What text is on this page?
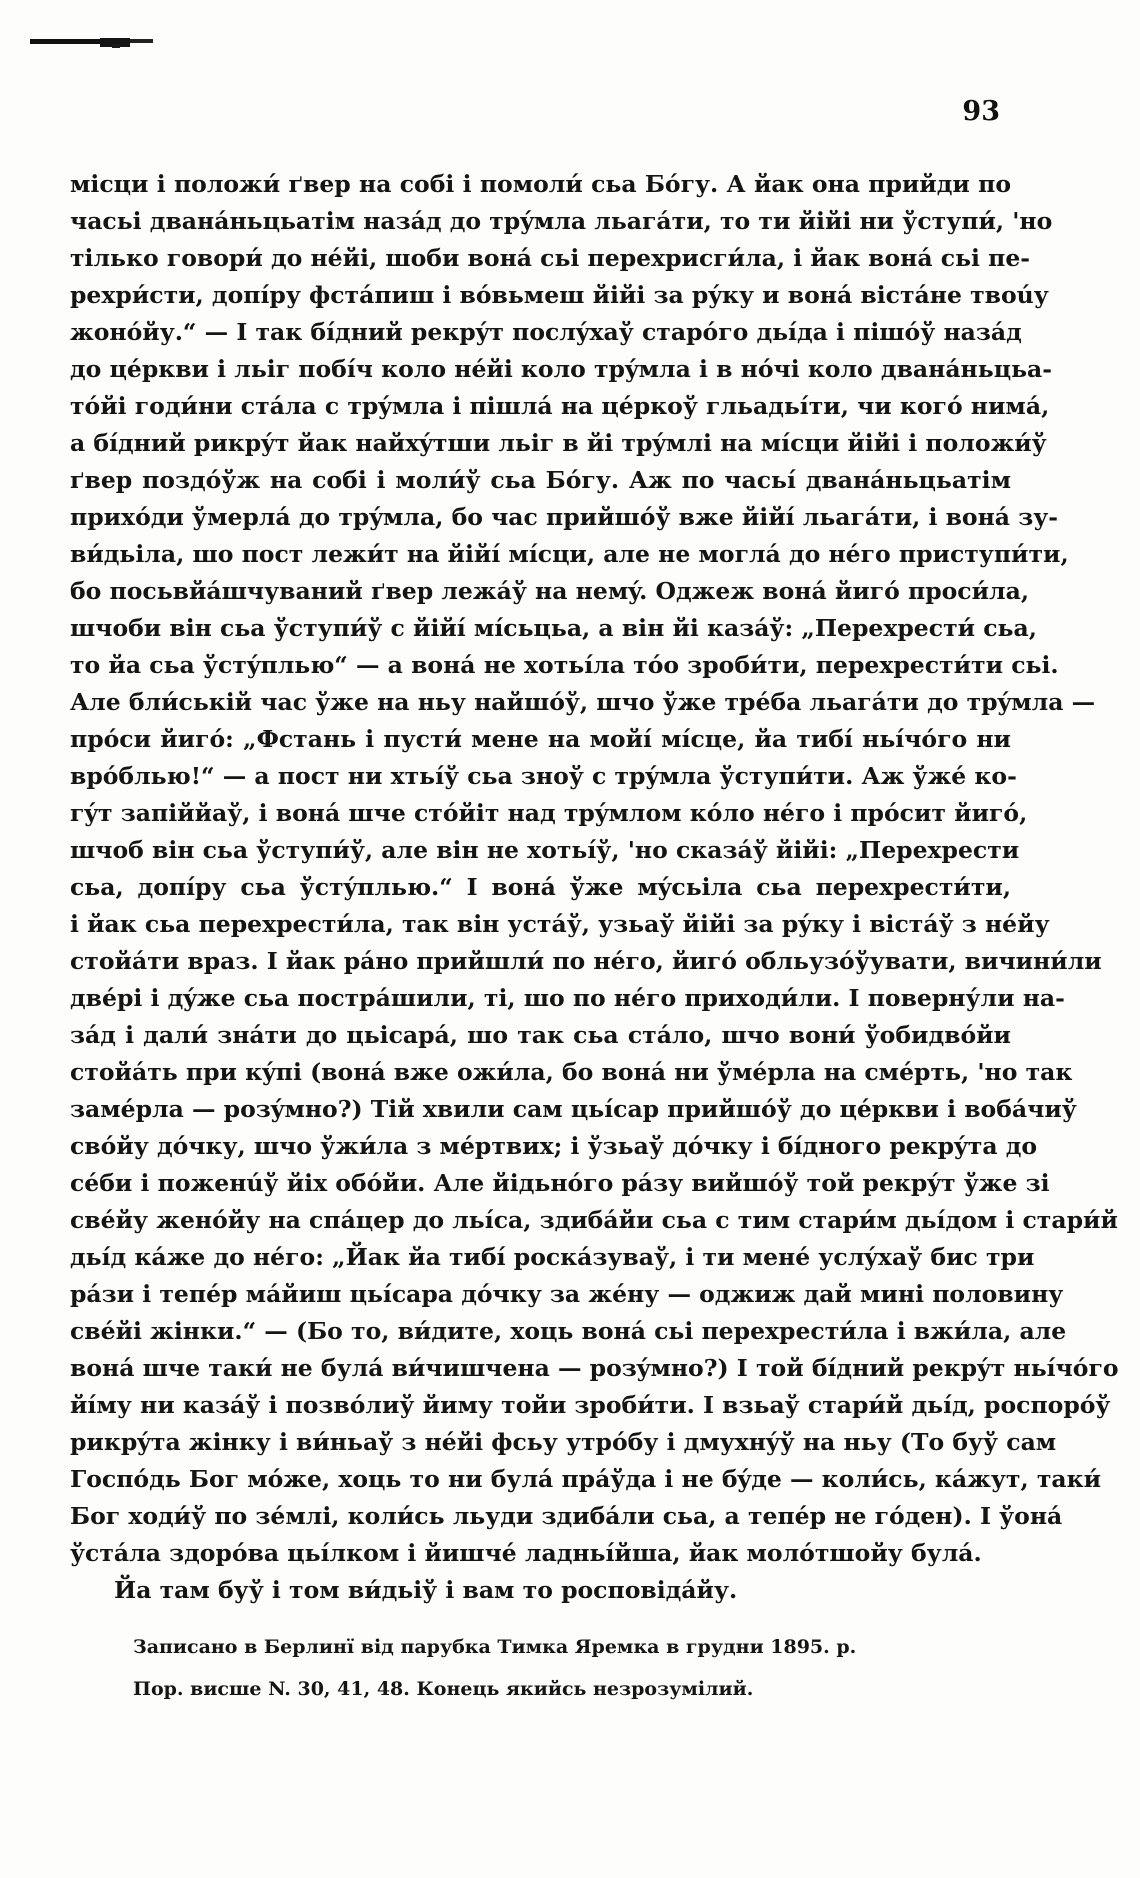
93
місци і положи́ ґвер на собі і помоли́ сьа Бо́гу. А йак она прийди по
часьі дванáньцьатім назáд до трýмла льагáти, то ти йійі ни ўступи́, 'но
тілько говори́ до не́йі, шоби вонá сьі перехрисги́ла, і йак вонá сьі пе-
рехри́сти, допі́ру фстáпиш і во́вьмеш йійі за рýку и вонá вістáне твоúу
жонóйу.“ — І так бі́дний рекрýт послýхаў старóго дьíда і пішóў назáд
до це́ркви і льіг побі́ч коло не́йі коло трýмла і в но́чі коло дванáньцьа-
тóйі годи́ни стáла с трýмла і пішлá на це́ркоў гльадьíти, чи когó нимá,
а бі́дний рикрýт йак найхýтши льіг в йі трýмлі на мі́сци йійі і положи́ў
ґвер поздóўж на собі і моли́ў сьа Бóгу. Аж по часьí дванáньцьатім
прихóди ўмерлá до трýмла, бо час прийшóў вже йійí льагáти, і вонá зу-
ви́дьіла, шо пост лежи́т на йійí мі́сци, але не моглá до не́го приступи́ти,
бо посьвйáшчуваний ґвер лежáў на немý. Оджеж вонá йигó проси́ла,
шчоби він сьа ўступи́ў с йійí мíсьцьа, а він йі казáў: „Перехрести́ сьа,
то йа сьа ўстýплью“ — а вонá не хотьíла тóо зроби́ти, перехрести́ти сьі.
Але бли́ській час ўже на ньу найшóў, шчо ўже трéба льагáти до трýмла —
прóси йигó: „Фстань і пусти́ мене на мойí мíсце, йа тибí ньíчóго ни
врóблью!“ — а пост ни хтьíў сьа зноў с трýмла ўступи́ти. Аж ўжé ко-
гýт запіййаў, і вонá шче стóйіт над трýмлом кóло нéго і прóсит йигó,
шчоб він сьа ўступи́ў, але він не хотьíў, 'но сказáў йійі: „Перехрести
сьа, допíру сьа ўстýплью.“ І вонá ўже мýсьіла сьа перехрести́ти,
і йак сьа перехрести́ла, так він устáў, узьаў йійі за рýку і вістáў з нéйу
стойáти враз. І йак рáно прийшли́ по нéго, йигó обльузóўувати, вичини́ли
двéрі і дýже сьа пострáшили, ті, шо по нéго приходи́ли. І поверну́ли на-
зáд і дали́ знáти до цьісарá, шо так сьа стáло, шчо вони́ ўобидвóйи
стойáть при кýпі (вонá вже ожи́ла, бо вонá ни ўмéрла на смéрть, 'но так
замéрла — розýмно?) Тій хвили сам цьíсар прийшóў до цéркви і вобáчиў
свóйу дóчку, шчо ўжи́ла з мéртвих; і ўзьаў дóчку і бíдного рекрýта до
сéби і поженúў йіх обóйи. Але йідьнóго рáзу вийшóў той рекрýт ўже зі
свéйу женóйу на спáцер до льíса, здибáйи сьа с тим стари́м дьíдом і стари́й
дьíд кáже до нéго: „Йак йа тибí роскáзуваў, і ти менé услýхаў бис три
рáзи і тепéр мáйиш цьíсара дóчку за жéну — оджиж дай мині половину
свéйі жінки.“ — (Бо то, ви́дите, хоць вонá сьі перехрести́ла і вжи́ла, але
вонá шче таки́ не булá ви́чишчена — розýмно?) І той бíдний рекрýт ньíчóго
йíму ни казáў і позвóлиў йиму тойи зроби́ти. І взьаў стари́й дьíд, роспорóў
рикрýта жінку і ви́ньаў з нéйі фсьу утрóбу і дмухнýў на ньу (То буў сам
Госпóдь Бог мóже, хоць то ни булá прáўда і не бýде — коли́сь, кáжут, таки́
Бог ходи́ў по зéмлі, коли́сь льуди здибáли сьа, а тепéр не гóден). І ўонá
ўстáла здорóва цьíлком і йишчé ладньíйша, йак молóтшойу булá.
Йа там буў і том ви́дьіў і вам то росповідáйу.
Записано в Берлинї від парубка Тимка Яремка в грудни 1895. р.
Пор. висше N. 30, 41, 48. Конець якийсь незрозумілий.
